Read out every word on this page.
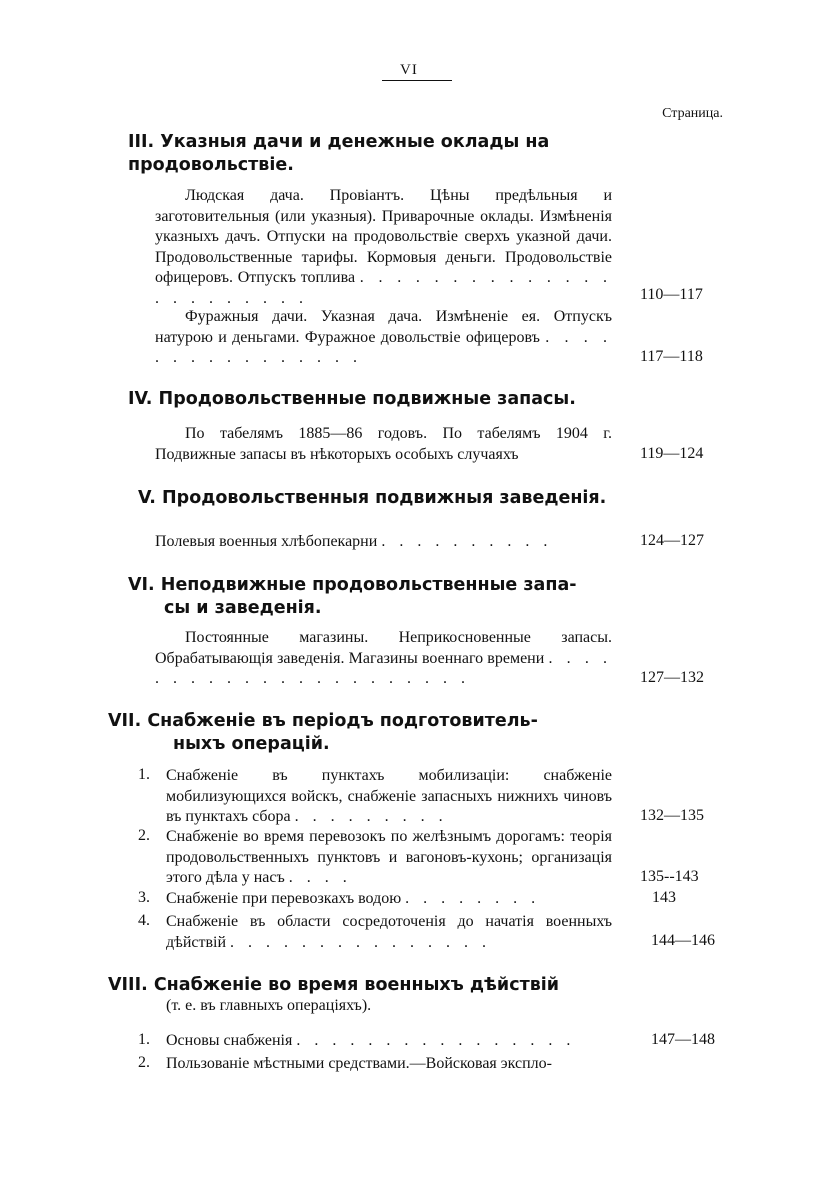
VI
Страница.
III. Указныя дачи и денежные оклады на
продовольствіе.

Людская дача. Провіантъ. Цѣны предѣльныя и заготовительныя (или указныя). Приварочные оклады. Измѣненія указныхъ дачъ. Отпуски на продовольствіе сверхъ указной дачи. Продовольственные тарифы. Кормовыя деньги. Продовольствіе офицеровъ. Отпускъ топлива . . . . . . . . . . . . . . . . . . . . . . .	110—117

Фуражныя дачи. Указная дача. Измѣненіе ея. Отпускъ натурою и деньгами. Фуражное довольствіе офицеровъ . . . . . . . . . . . . . . . .	117—118
IV. Продовольственные подвижные запасы.

По табелямъ 1885—86 годовъ. По табелямъ 1904 г. Подвижные запасы въ нѣкоторыхъ особыхъ случаяхъ	119—124
V. Продовольственныя подвижныя заведенія.

Полевыя военныя хлѣбопекарни . . . . . . . . . .	124—127
VI. Неподвижные продовольственные запа-
сы и заведенія.

Постоянные магазины. Неприкосновенные запасы. Обрабатывающія заведенія. Магазины военнаго времени . . . . . . . . . . . . . . . . . . . . . .	127—132
VII. Снабженіе въ періодъ подготовитель-
ныхъ операцій.
1. Снабженіе въ пунктахъ мобилизаціи: снабженіе мобилизующихся войскъ, снабженіе запасныхъ нижнихъ чиновъ въ пунктахъ сбора . . . . . . . . .	132—135
2. Снабженіе во время перевозокъ по желѣзнымъ дорогамъ: теорія продовольственныхъ пунктовъ и вагоновъ-кухонь; организація этого дѣла у насъ . . . .	135--143
3. Снабженіе при перевозкахъ водою . . . . . . . .	143
4. Снабженіе въ области сосредоточенія до начатія военныхъ дѣйствій . . . . . . . . . . . . . . .	144—146
VIII. Снабженіе во время военныхъ дѣйствій
(т. е. въ главныхъ операціяхъ).
1. Основы снабженія . . . . . . . . . . . . . . . .	147—148
2. Пользованіе мѣстными средствами.—Войсковая эксплo-
